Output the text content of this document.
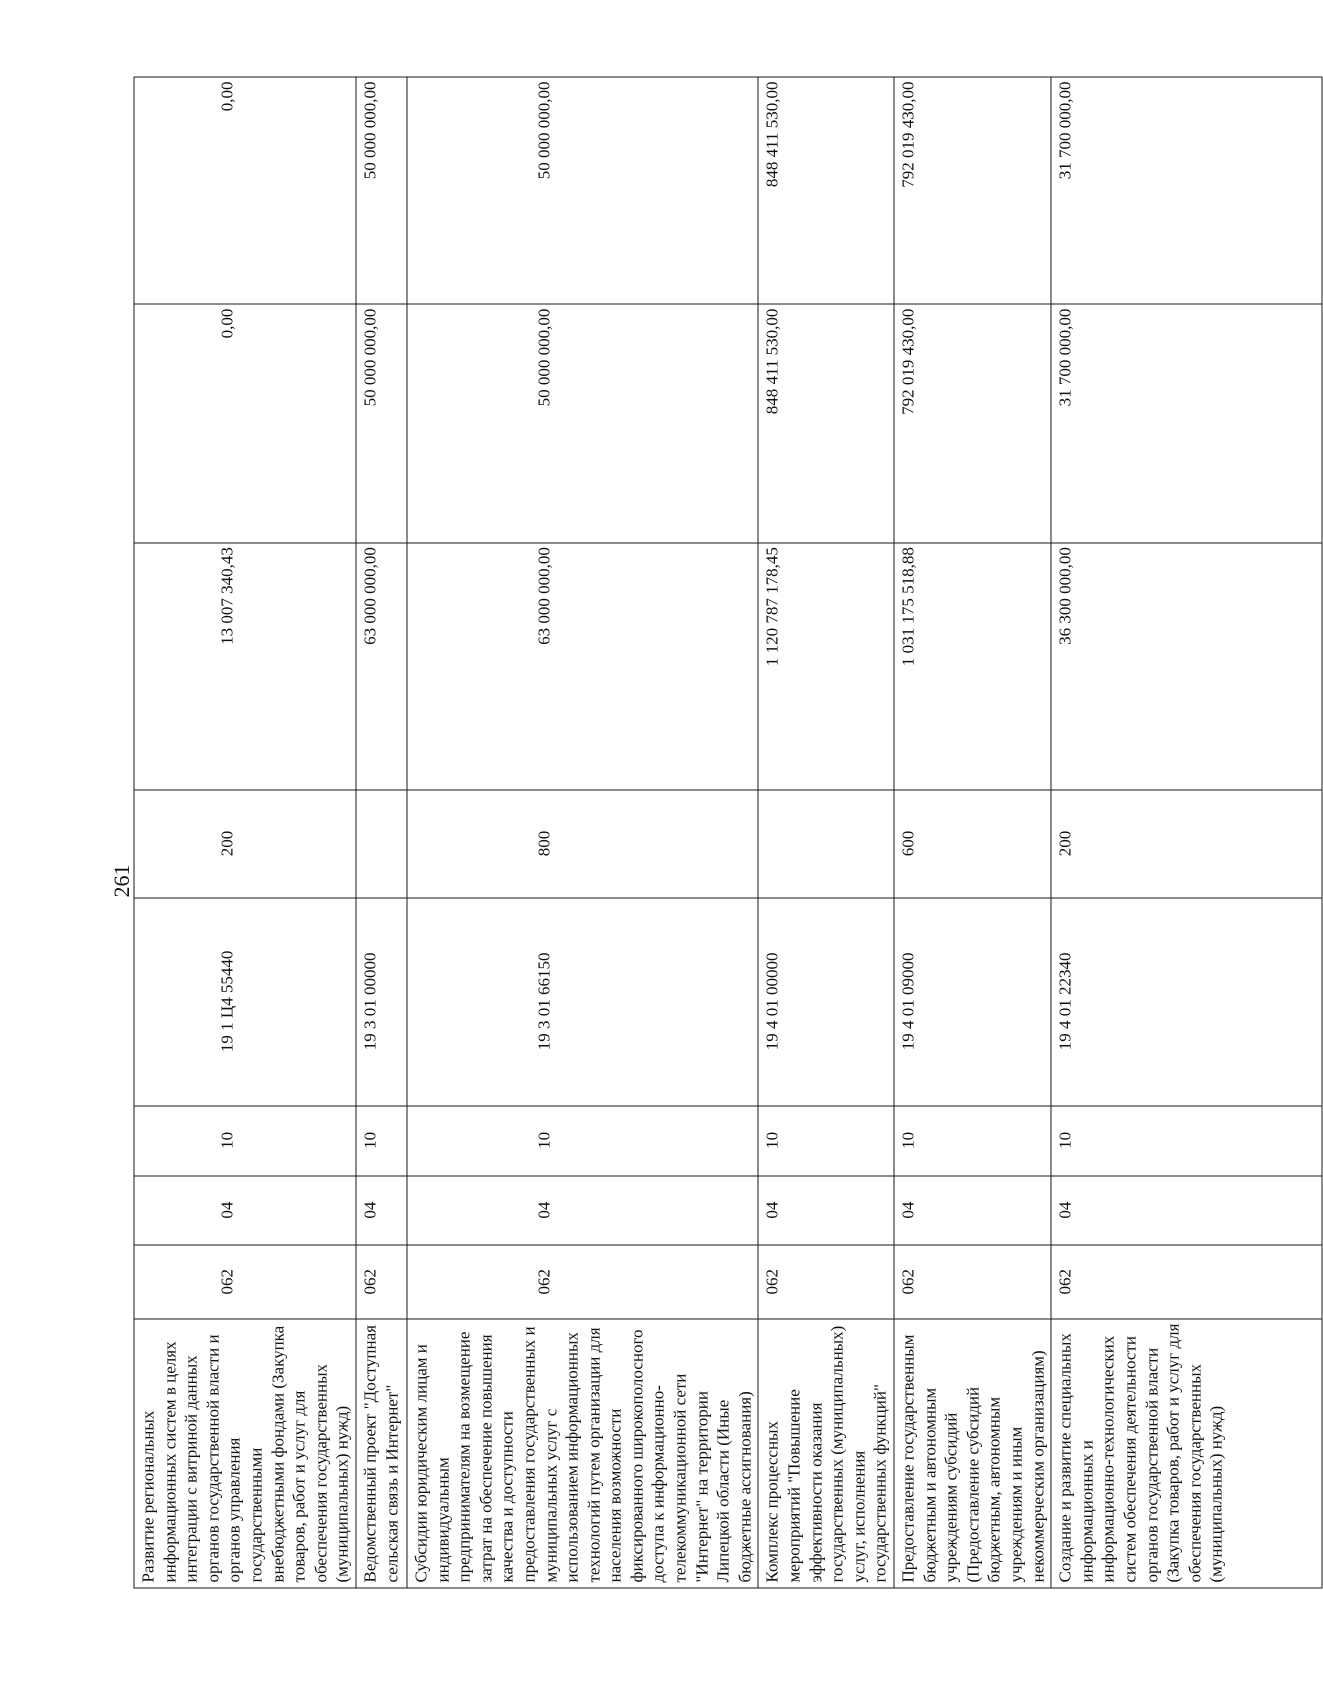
261
Развитие региональных информационных систем в целях интеграции с витриной данных органов государственной власти и органов управления государственными внебюджетными фондами (Закупка товаров, работ и услуг для обеспечения государственных (муниципальных) нужд)	062	04	10	19 1 Ц4 55440	200	13 007 340,43	0,00	0,00
Ведомственный проект "Доступная сельская связь и Интернет"	062	04	10	19 3 01 00000		63 000 000,00	50 000 000,00	50 000 000,00
Субсидии юридическим лицам и индивидуальным предпринимателям на возмещение затрат на обеспечение повышения качества и доступности предоставления государственных и муниципальных услуг с использованием информационных технологий путем организации для населения возможности фиксированного широкополосного доступа к информационно-телекоммуникационной сети "Интернет" на территории Липецкой области (Иные бюджетные ассигнования)	062	04	10	19 3 01 66150	800	63 000 000,00	50 000 000,00	50 000 000,00
Комплекс процессных мероприятий "Повышение эффективности оказания государственных (муниципальных) услуг, исполнения государственных функций"	062	04	10	19 4 01 00000		1 120 787 178,45	848 411 530,00	848 411 530,00
Предоставление государственным бюджетным и автономным учреждениям субсидий (Предоставление субсидий бюджетным, автономным учреждениям и иным некоммерческим организациям)	062	04	10	19 4 01 09000	600	1 031 175 518,88	792 019 430,00	792 019 430,00
Создание и развитие специальных информационных и информационно-технологических систем обеспечения деятельности органов государственной власти (Закупка товаров, работ и услуг для обеспечения государственных (муниципальных) нужд)	062	04	10	19 4 01 22340	200	36 300 000,00	31 700 000,00	31 700 000,00
